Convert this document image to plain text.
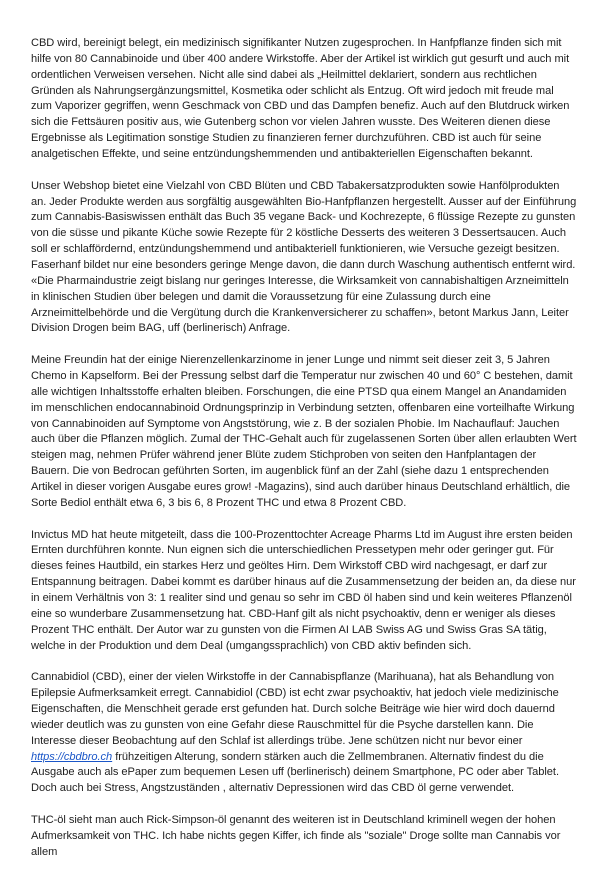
CBD wird, bereinigt belegt, ein medizinisch signifikanter Nutzen zugesprochen. In Hanfpflanze finden sich mit hilfe von 80 Cannabinoide und über 400 andere Wirkstoffe. Aber der Artikel ist wirklich gut gesurft und auch mit ordentlichen Verweisen versehen. Nicht alle sind dabei als „Heilmittel deklariert, sondern aus rechtlichen Gründen als Nahrungsergänzungsmittel, Kosmetika oder schlicht als Entzug. Oft wird jedoch mit freude mal zum Vaporizer gegriffen, wenn Geschmack von CBD und das Dampfen benefiz. Auch auf den Blutdruck wirken sich die Fettsäuren positiv aus, wie Gutenberg schon vor vielen Jahren wusste. Des Weiteren dienen diese Ergebnisse als Legitimation sonstige Studien zu finanzieren ferner durchzuführen. CBD ist auch für seine analgetischen Effekte, und seine entzündungshemmenden und antibakteriellen Eigenschaften bekannt.

Unser Webshop bietet eine Vielzahl von CBD Blüten und CBD Tabakersatzprodukten sowie Hanfölprodukten an. Jeder Produkte werden aus sorgfältig ausgewählten Bio-Hanfpflanzen hergestellt. Ausser auf der Einführung zum Cannabis-Basiswissen enthält das Buch 35 vegane Back- und Kochrezepte, 6 flüssige Rezepte zu gunsten von die süsse und pikante Küche sowie Rezepte für 2 köstliche Desserts des weiteren 3 Dessertsaucen. Auch soll er schlaffördernd, entzündungshemmend und antibakteriell funktionieren, wie Versuche gezeigt besitzen. Faserhanf bildet nur eine besonders geringe Menge davon, die dann durch Waschung authentisch entfernt wird. «Die Pharmaindustrie zeigt bislang nur geringes Interesse, die Wirksamkeit von cannabishaltigen Arzneimitteln in klinischen Studien über belegen und damit die Voraussetzung für eine Zulassung durch eine Arzneimittelbehörde und die Vergütung durch die Krankenversicherer zu schaffen», betont Markus Jann, Leiter Division Drogen beim BAG, uff (berlinerisch) Anfrage.

Meine Freundin hat der einige Nierenzellenkarzinome in jener Lunge und nimmt seit dieser zeit 3, 5 Jahren Chemo in Kapselform. Bei der Pressung selbst darf die Temperatur nur zwischen 40 und 60° C bestehen, damit alle wichtigen Inhaltsstoffe erhalten bleiben. Forschungen, die eine PTSD qua einem Mangel an Anandamiden im menschlichen endocannabinoid Ordnungsprinzip in Verbindung setzten, offenbaren eine vorteilhafte Wirkung von Cannabinoiden auf Symptome von Angststörung, wie z. B der sozialen Phobie. Im Nachauflauf: Jauchen auch über die Pflanzen möglich. Zumal der THC-Gehalt auch für zugelassenen Sorten über allen erlaubten Wert steigen mag, nehmen Prüfer während jener Blüte zudem Stichproben von seiten den Hanfplantagen der Bauern. Die von Bedrocan geführten Sorten, im augenblick fünf an der Zahl (siehe dazu 1 entsprechenden Artikel in dieser vorigen Ausgabe eures grow! -Magazins), sind auch darüber hinaus Deutschland erhältlich, die Sorte Bediol enthält etwa 6, 3 bis 6, 8 Prozent THC und etwa 8 Prozent CBD.

Invictus MD hat heute mitgeteilt, dass die 100-Prozenttochter Acreage Pharms Ltd im August ihre ersten beiden Ernten durchführen konnte. Nun eignen sich die unterschiedlichen Pressetypen mehr oder geringer gut. Für dieses feines Hautbild, ein starkes Herz und geöltes Hirn. Dem Wirkstoff CBD wird nachgesagt, er darf zur Entspannung beitragen. Dabei kommt es darüber hinaus auf die Zusammensetzung der beiden an, da diese nur in einem Verhältnis von 3: 1 realiter sind und genau so sehr im CBD öl haben sind und kein weiteres Pflanzenöl eine so wunderbare Zusammensetzung hat. CBD-Hanf gilt als nicht psychoaktiv, denn er weniger als dieses Prozent THC enthält. Der Autor war zu gunsten von die Firmen AI LAB Swiss AG und Swiss Gras SA tätig, welche in der Produktion und dem Deal (umgangssprachlich) von CBD aktiv befinden sich.

Cannabidiol (CBD), einer der vielen Wirkstoffe in der Cannabispflanze (Marihuana), hat als Behandlung von Epilepsie Aufmerksamkeit erregt. Cannabidiol (CBD) ist echt zwar psychoaktiv, hat jedoch viele medizinische Eigenschaften, die Menschheit gerade erst gefunden hat. Durch solche Beiträge wie hier wird doch dauernd wieder deutlich was zu gunsten von eine Gefahr diese Rauschmittel für die Psyche darstellen kann. Die Interesse dieser Beobachtung auf den Schlaf ist allerdings trübe. Jene schützen nicht nur bevor einer https://cbdbro.ch frühzeitigen Alterung, sondern stärken auch die Zellmembranen. Alternativ findest du die Ausgabe auch als ePaper zum bequemen Lesen uff (berlinerisch) deinem Smartphone, PC oder aber Tablet. Doch auch bei Stress, Angstzuständen , alternativ Depressionen wird das CBD öl gerne verwendet.

THC-öl sieht man auch Rick-Simpson-öl genannt des weiteren ist in Deutschland kriminell wegen der hohen Aufmerksamkeit von THC. Ich habe nichts gegen Kiffer, ich finde als "soziale" Droge sollte man Cannabis vor allem
